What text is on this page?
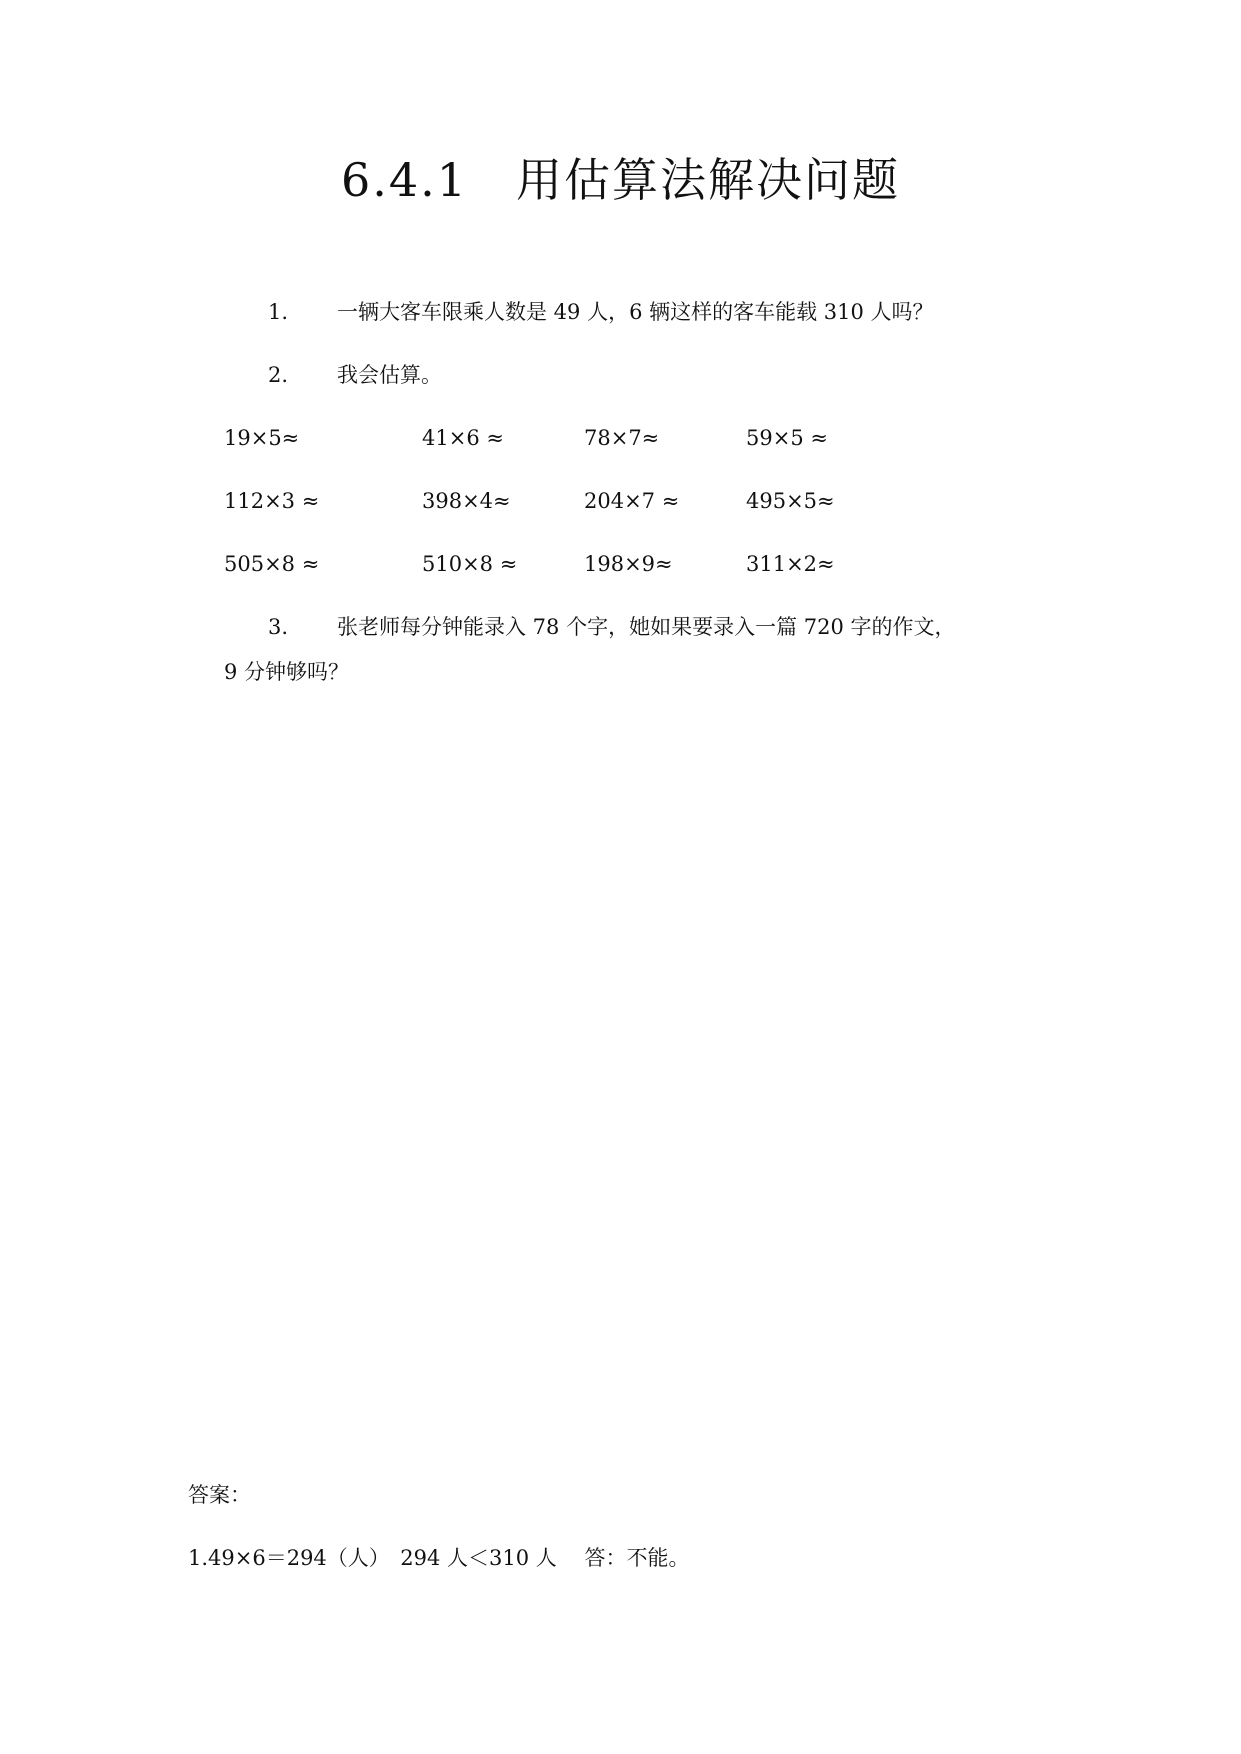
6.4.1　用估算法解决问题
1. 一辆大客车限乘人数是 49 人，6 辆这样的客车能载 310 人吗？
2. 我会估算。
19×5≈	41×6 ≈	78×7≈	59×5 ≈
112×3 ≈	398×4≈	204×7 ≈	495×5≈
505×8 ≈	510×8 ≈	198×9≈	311×2≈
3. 张老师每分钟能录入 78 个字，她如果要录入一篇 720 字的作文，
9 分钟够吗？
答案：
1.49×6＝294（人）　294 人＜310 人　 答：不能。
